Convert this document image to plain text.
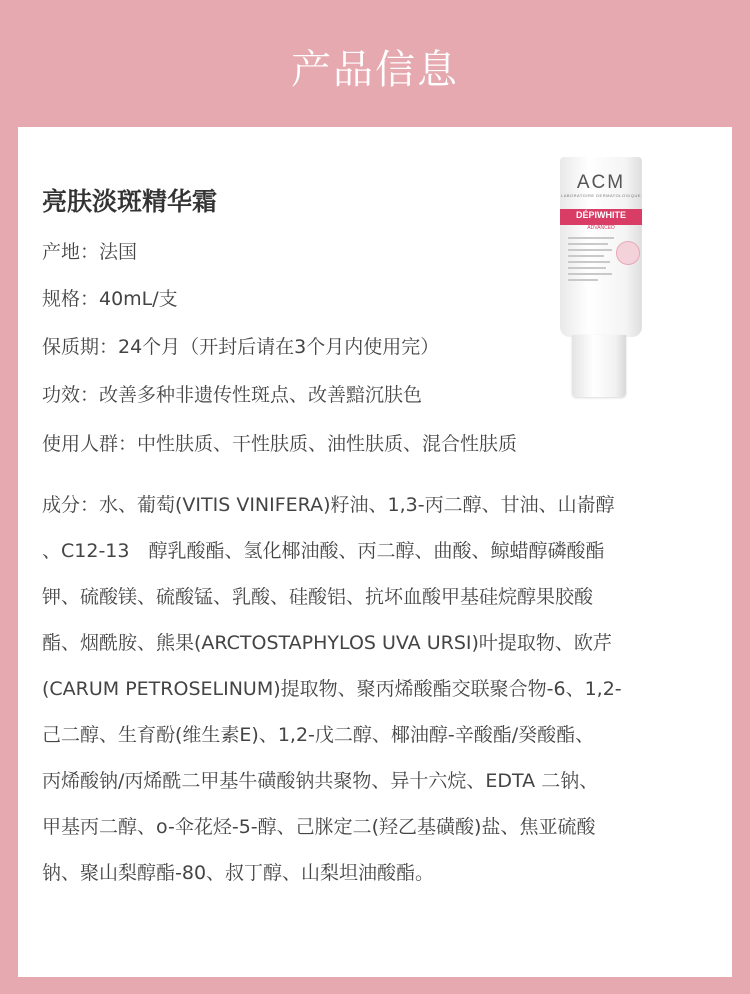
产品信息
亮肤淡斑精华霜
产地：法国
规格：40mL/支
保质期：24个月（开封后请在3个月内使用完）
功效：改善多种非遗传性斑点、改善黯沉肤色
使用人群：中性肤质、干性肤质、油性肤质、混合性肤质
成分：水、葡萄(VITIS VINIFERA)籽油、1,3-丙二醇、甘油、山嵛醇
、C12-13　醇乳酸酯、氢化椰油酸、丙二醇、曲酸、鲸蜡醇磷酸酯
钾、硫酸镁、硫酸锰、乳酸、硅酸铝、抗坏血酸甲基硅烷醇果胶酸
酯、烟酰胺、熊果(ARCTOSTAPHYLOS UVA URSI)叶提取物、欧芹
(CARUM PETROSELINUM)提取物、聚丙烯酸酯交联聚合物-6、1,2-
己二醇、生育酚(维生素E)、1,2-戊二醇、椰油醇-辛酸酯/癸酸酯、
丙烯酸钠/丙烯酰二甲基牛磺酸钠共聚物、异十六烷、EDTA 二钠、
甲基丙二醇、o-伞花烃-5-醇、己脒定二(羟乙基磺酸)盐、焦亚硫酸
钠、聚山梨醇酯-80、叔丁醇、山梨坦油酸酯。
ACM
LABORATOIRE DERMATOLOGIQUE
DÉPIWHITE
ADVANCED
